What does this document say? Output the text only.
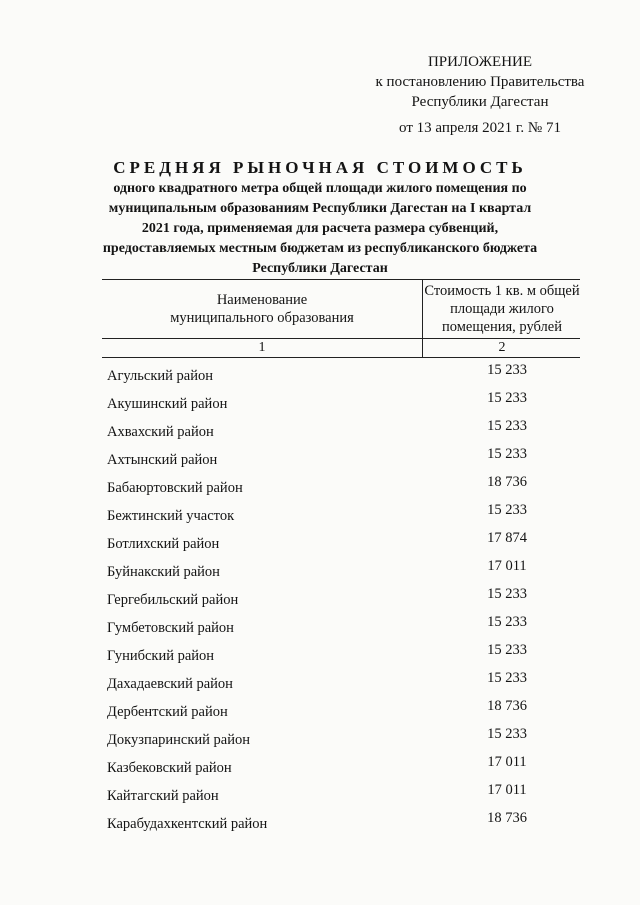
ПРИЛОЖЕНИЕ
к постановлению Правительства
Республики Дагестан
от 13 апреля 2021 г. № 71
СРЕДНЯЯ РЫНОЧНАЯ СТОИМОСТЬ
одного квадратного метра общей площади жилого помещения по
муниципальным образованиям Республики Дагестан на I квартал
2021 года, применяемая для расчета размера субвенций,
предоставляемых местным бюджетам из республиканского бюджета
Республики Дагестан
Наименование
муниципального образования
Стоимость 1 кв. м общей
площади жилого
помещения, рублей
1	2
Агульский район	15 233
Акушинский район	15 233
Ахвахский район	15 233
Ахтынский район	15 233
Бабаюртовский район	18 736
Бежтинский участок	15 233
Ботлихский район	17 874
Буйнакский район	17 011
Гергебильский район	15 233
Гумбетовский район	15 233
Гунибский район	15 233
Дахадаевский район	15 233
Дербентский район	18 736
Докузпаринский район	15 233
Казбековский район	17 011
Кайтагский район	17 011
Карабудахкентский район	18 736
